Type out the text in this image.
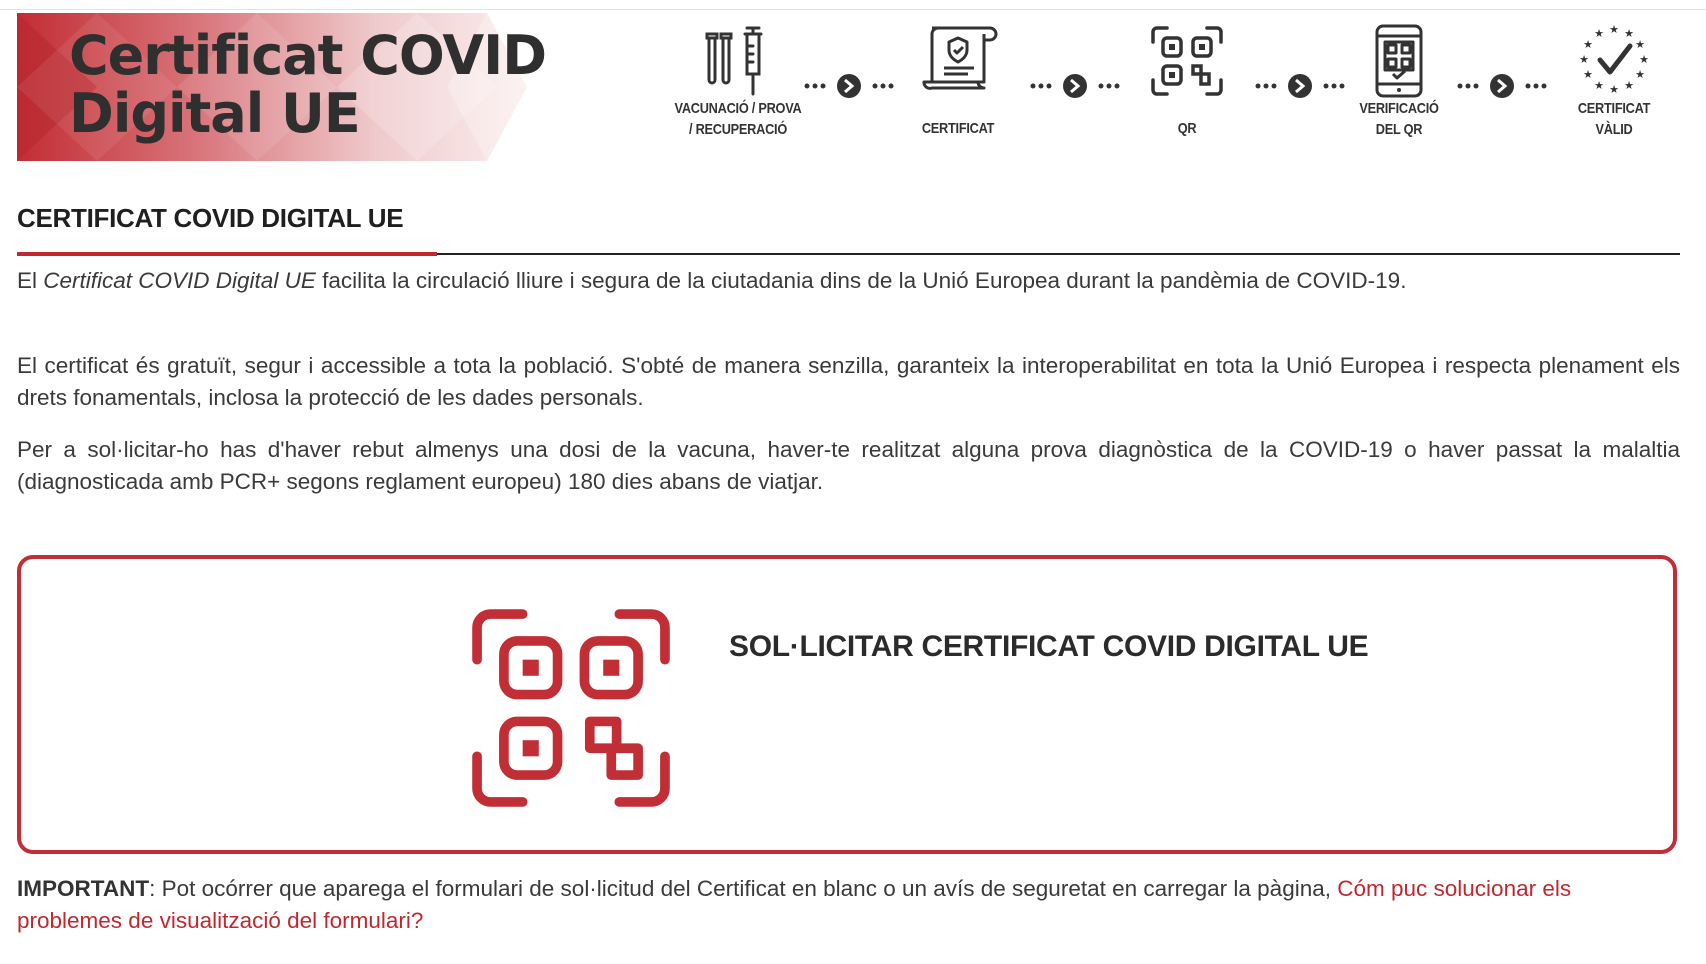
Certificat COVID
Digital UE	VACUNACIÓ / PROVA
/ RECUPERACIÓ	CERTIFICAT	QR
VERIFICACIÓ
DEL QR
★ ★
★
★
★
★
★
★
★
★
★
★
CERTIFICAT
VÀLID
CERTIFICAT COVID DIGITAL UE

El Certificat COVID Digital UE facilita la circulació lliure i segura de la ciutadania dins de la Unió Europea durant la pandèmia de COVID-19.

El certificat és gratuït, segur i accessible a tota la població. S'obté de manera senzilla, garanteix la interoperabilitat en tota la Unió Europea i respecta plenament els drets fonamentals, inclosa la protecció de les dades personals.

Per a sol·licitar-ho has d'haver rebut almenys una dosi de la vacuna, haver-te realitzat alguna prova diagnòstica de la COVID-19 o haver passat la malaltia (diagnosticada amb PCR+ segons reglament europeu) 180 dies abans de viatjar.

SOL·LICITAR CERTIFICAT COVID DIGITAL UE

IMPORTANT: Pot ocórrer que aparega el formulari de sol·licitud del Certificat en blanc o un avís de seguretat en carregar la pàgina, Cóm puc solucionar els problemes de visualització del formulari?
